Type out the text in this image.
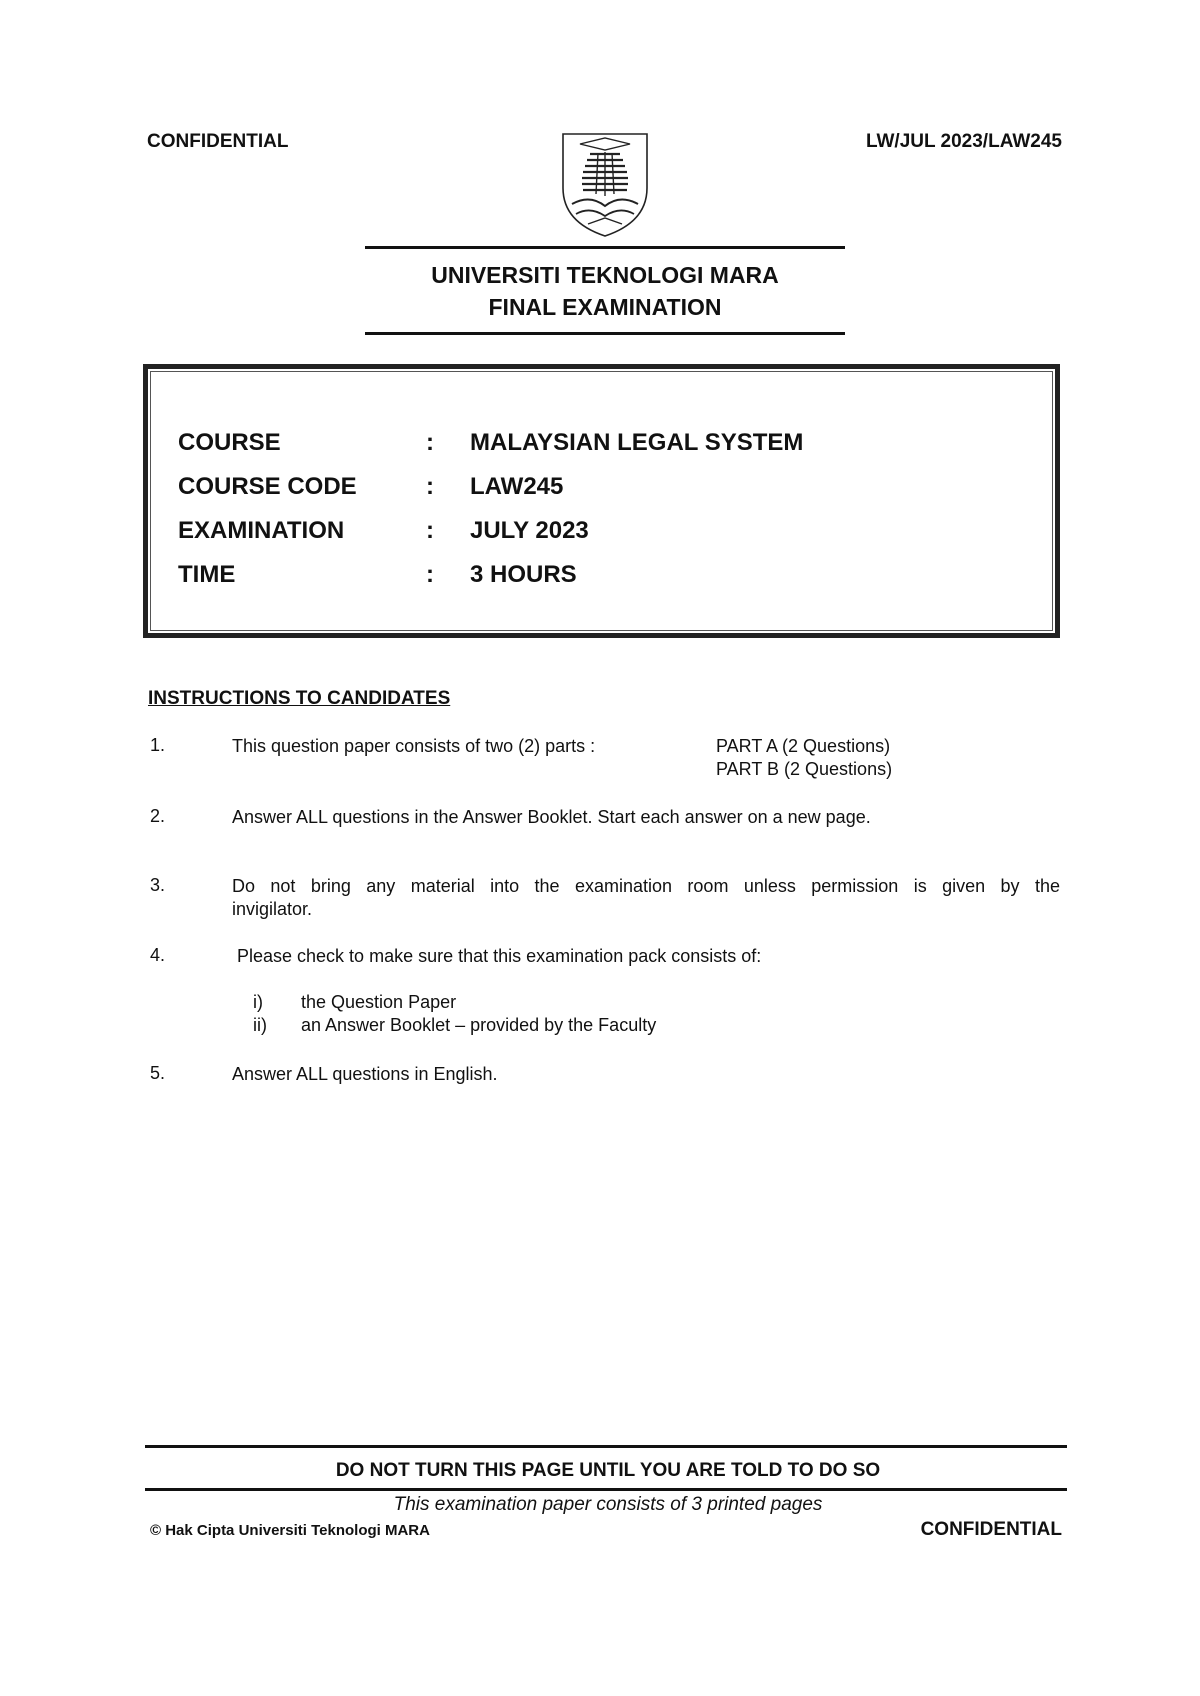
CONFIDENTIAL	LW/JUL 2023/LAW245
UNIVERSITI TEKNOLOGI MARA
FINAL EXAMINATION
COURSE	: MALAYSIAN LEGAL SYSTEM
COURSE CODE	: LAW245
EXAMINATION	: JULY 2023
TIME	: 3 HOURS
INSTRUCTIONS TO CANDIDATES
1.	This question paper consists of two (2) parts :	PART A (2 Questions)
PART B (2 Questions)
2.	Answer ALL questions in the Answer Booklet. Start each answer on a new page.
3.	Do not bring any material into the examination room unless permission is given by the
invigilator.
4.	Please check to make sure that this examination pack consists of:
i) the Question Paper
ii) an Answer Booklet – provided by the Faculty
5.	Answer ALL questions in English.
DO NOT TURN THIS PAGE UNTIL YOU ARE TOLD TO DO SO
This examination paper consists of 3 printed pages
© Hak Cipta Universiti Teknologi MARA	CONFIDENTIAL
